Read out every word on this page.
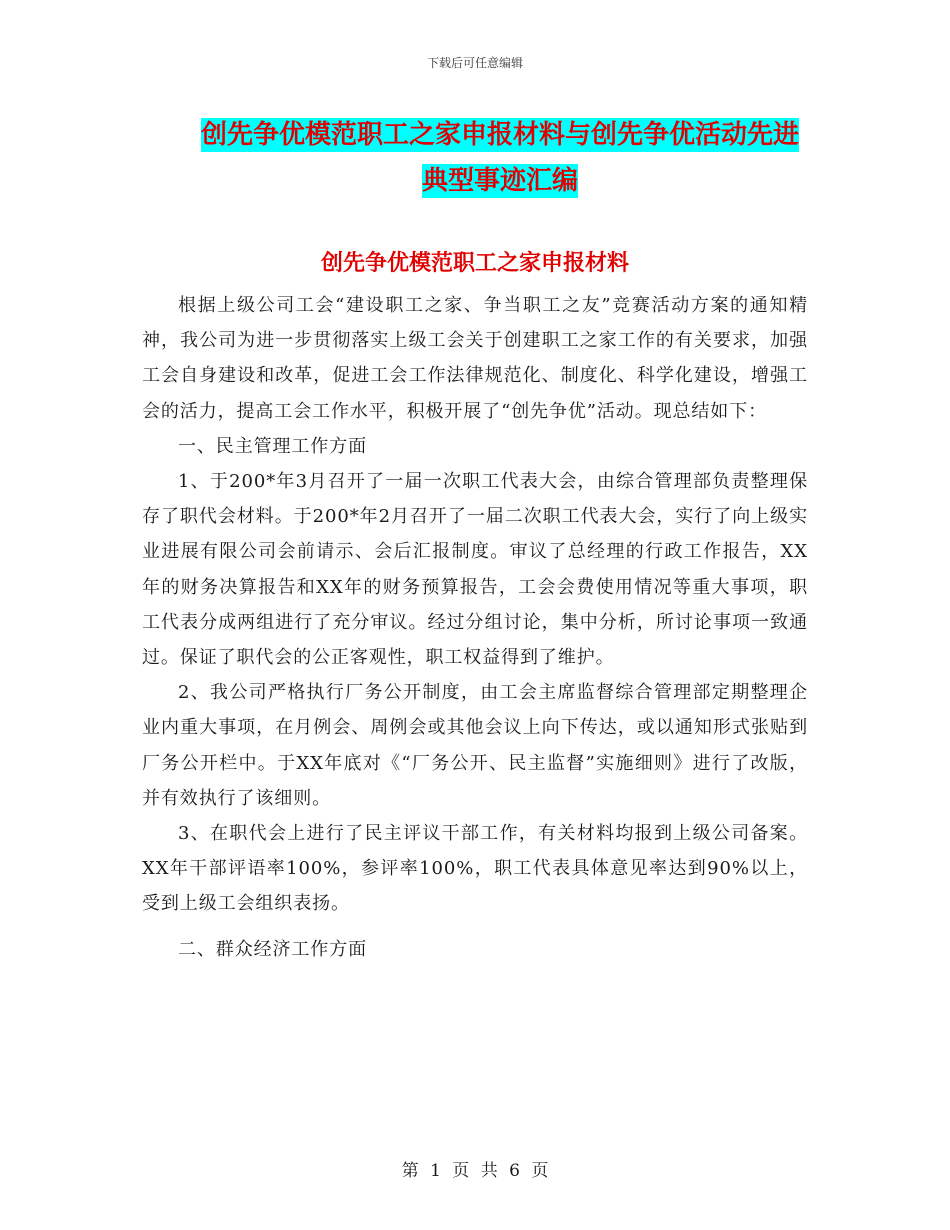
下载后可任意编辑
创先争优模范职工之家申报材料与创先争优活动先进
典型事迹汇编
创先争优模范职工之家申报材料

根据上级公司工会“建设职工之家、争当职工之友”竞赛活动方案的通知精神，我公司为进一步贯彻落实上级工会关于创建职工之家工作的有关要求，加强工会自身建设和改革，促进工会工作法律规范化、制度化、科学化建设，增强工会的活力，提高工会工作水平，积极开展了“创先争优”活动。现总结如下：

一、民主管理工作方面

1、于200*年3月召开了一届一次职工代表大会，由综合管理部负责整理保存了职代会材料。于200*年2月召开了一届二次职工代表大会，实行了向上级实业进展有限公司会前请示、会后汇报制度。审议了总经理的行政工作报告，XX年的财务决算报告和XX年的财务预算报告，工会会费使用情况等重大事项，职工代表分成两组进行了充分审议。经过分组讨论，集中分析，所讨论事项一致通过。保证了职代会的公正客观性，职工权益得到了维护。

2、我公司严格执行厂务公开制度，由工会主席监督综合管理部定期整理企业内重大事项，在月例会、周例会或其他会议上向下传达，或以通知形式张贴到厂务公开栏中。于XX年底对《“厂务公开、民主监督”实施细则》进行了改版，并有效执行了该细则。

3、在职代会上进行了民主评议干部工作，有关材料均报到上级公司备案。XX年干部评语率100%，参评率100%，职工代表具体意见率达到90%以上，受到上级工会组织表扬。

二、群众经济工作方面

第 1 页 共 6 页
